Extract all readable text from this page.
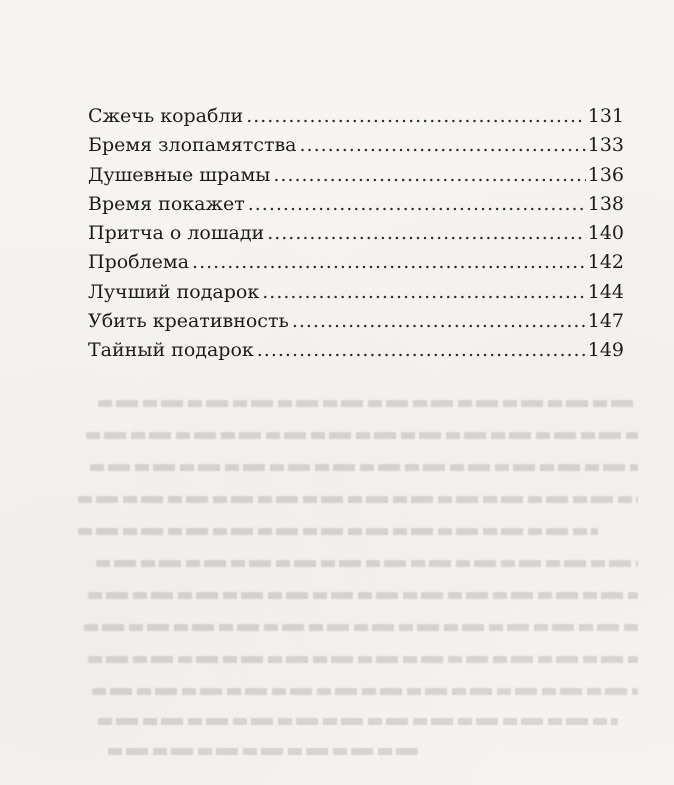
Сжечь корабли .....	131
Бремя злопамятства .....	133
Душевные шрамы .....	136
Время покажет .....	138
Притча о лошади .....	140
Проблема .....	142
Лучший подарок .....	144
Убить креативность .....	147
Тайный подарок .....	149
